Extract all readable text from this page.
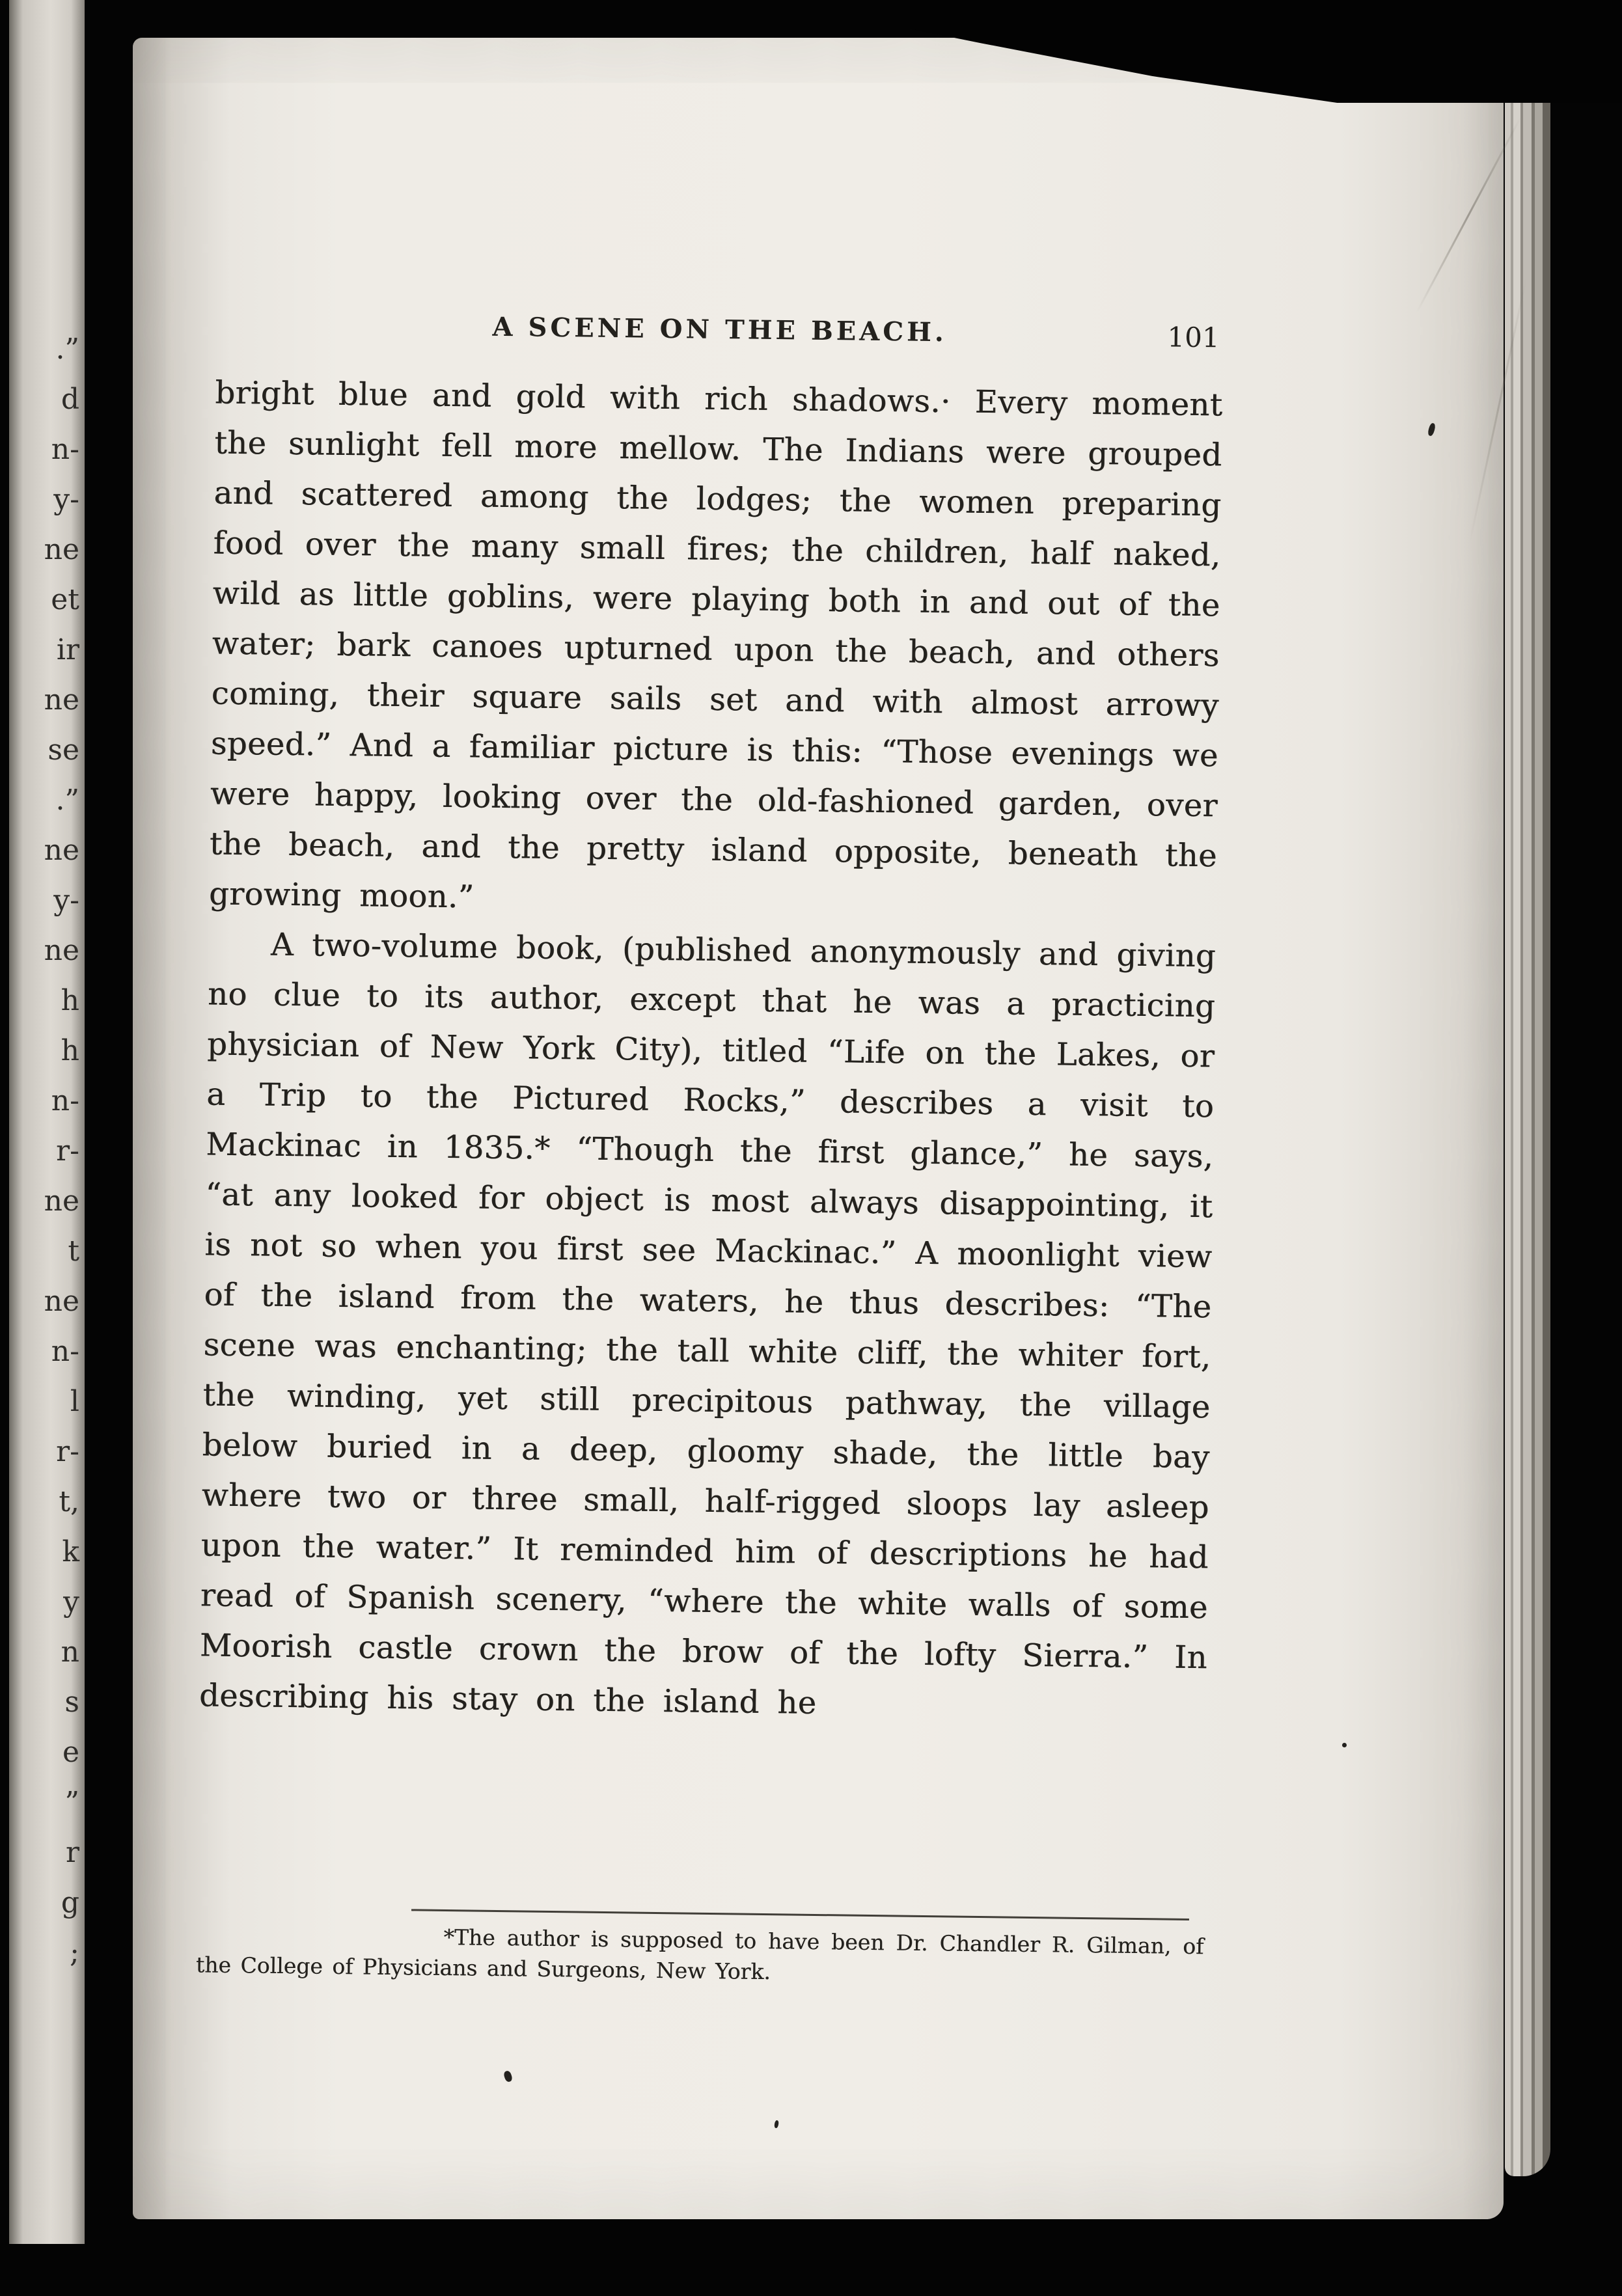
.”
d
n-
y-
ne
et
ir
ne
se
.”
ne
y-
ne
h
h
n-
r-
ne
t
ne
n-
l
r-
t,
k
y
n
s
e
”
r
g
;
A SCENE ON THE BEACH.	101

bright blue and gold with rich shadows.· Every moment the sunlight fell more mellow. The Indians were grouped and scattered among the lodges; the women preparing food over the many small fires; the children, half naked, wild as little goblins, were playing both in and out of the water; bark canoes upturned upon the beach, and others coming, their square sails set and with almost arrowy speed.” And a familiar picture is this: “Those evenings we were happy, looking over the old-fashioned garden, over the beach, and the pretty island opposite, beneath the growing moon.”

A two-volume book, (published anonymously and giving no clue to its author, except that he was a practicing physician of New York City), titled “Life on the Lakes, or a Trip to the Pictured Rocks,” describes a visit to Mackinac in 1835.* “Though the first glance,” he says, “at any looked for object is most always disappointing, it is not so when you first see Mackinac.” A moonlight view of the island from the waters, he thus describes: “The scene was enchanting; the tall white cliff, the whiter fort, the winding, yet still precipitous pathway, the village below buried in a deep, gloomy shade, the little bay where two or three small, half-rigged sloops lay asleep upon the water.” It reminded him of descriptions he had read of Spanish scenery, “where the white walls of some Moorish castle crown the brow of the lofty Sierra.” In describing his stay on the island he

*The author is supposed to have been Dr. Chandler R. Gilman, of the College of Physicians and Surgeons, New York.
